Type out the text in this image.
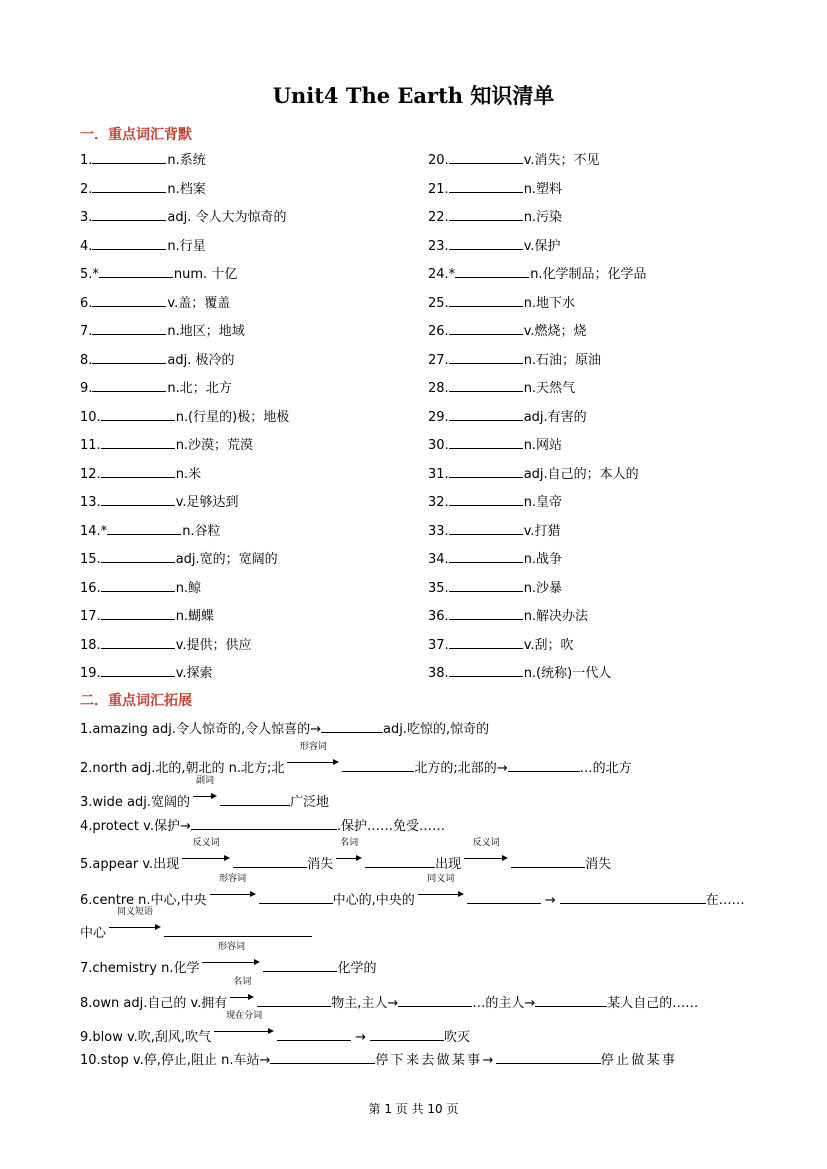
Unit4 The Earth 知识清单
一．重点词汇背默
1.	n.系统
2.	n.档案
3.	adj. 令人大为惊奇的
4.	n.行星
5.*	num. 十亿
6.	v.盖；覆盖
7.	n.地区；地域
8.	adj. 极冷的
9.	n.北；北方
10.	n.(行星的)极；地极
11.	n.沙漠；荒漠
12.	n.米
13.	v.足够达到
14.*	n.谷粒
15.	adj.宽的；宽阔的
16.	n.鲸
17.	n.蝴蝶
18.	v.提供；供应
19.	v.探索
20.	v.消失；不见
21.	n.塑料
22.	n.污染
23.	v.保护
24.*	n.化学制品；化学品
25.	n.地下水
26.	v.燃烧；烧
27.	n.石油；原油
28.	n.天然气
29.	adj.有害的
30.	n.网站
31.	adj.自己的；本人的
32.	n.皇帝
33.	v.打猎
34.	n.战争
35.	n.沙暴
36.	n.解决办法
37.	v.刮；吹
38.	n.(统称)一代人
二．重点词汇拓展
1.amazing adj.令人惊奇的,令人惊喜的→	adj.吃惊的,惊奇的
2.north adj.北的,朝北的 n.北方;北
形容词
北方的;北部的→	…的北方
3.wide adj.宽阔的
副词
广泛地
4.protect v.保护→	.保护……免受……
5.appear v.出现
反义词
消失
名词
出现
反义词
消失
6.centre n.中心,中央
形容词
中心的,中央的
同义词
→	在……
中心
同义短语
7.chemistry n.化学
形容词
化学的
8.own adj.自己的 v.拥有
名词
物主,主人→	…的主人→	某人自己的……
9.blow v.吹,刮风,吹气
现在分词
→	吹灭
10.stop v.停,停止,阻止 n.车站→	停下来去做某事→	停止做某事
第 1 页 共 10 页
